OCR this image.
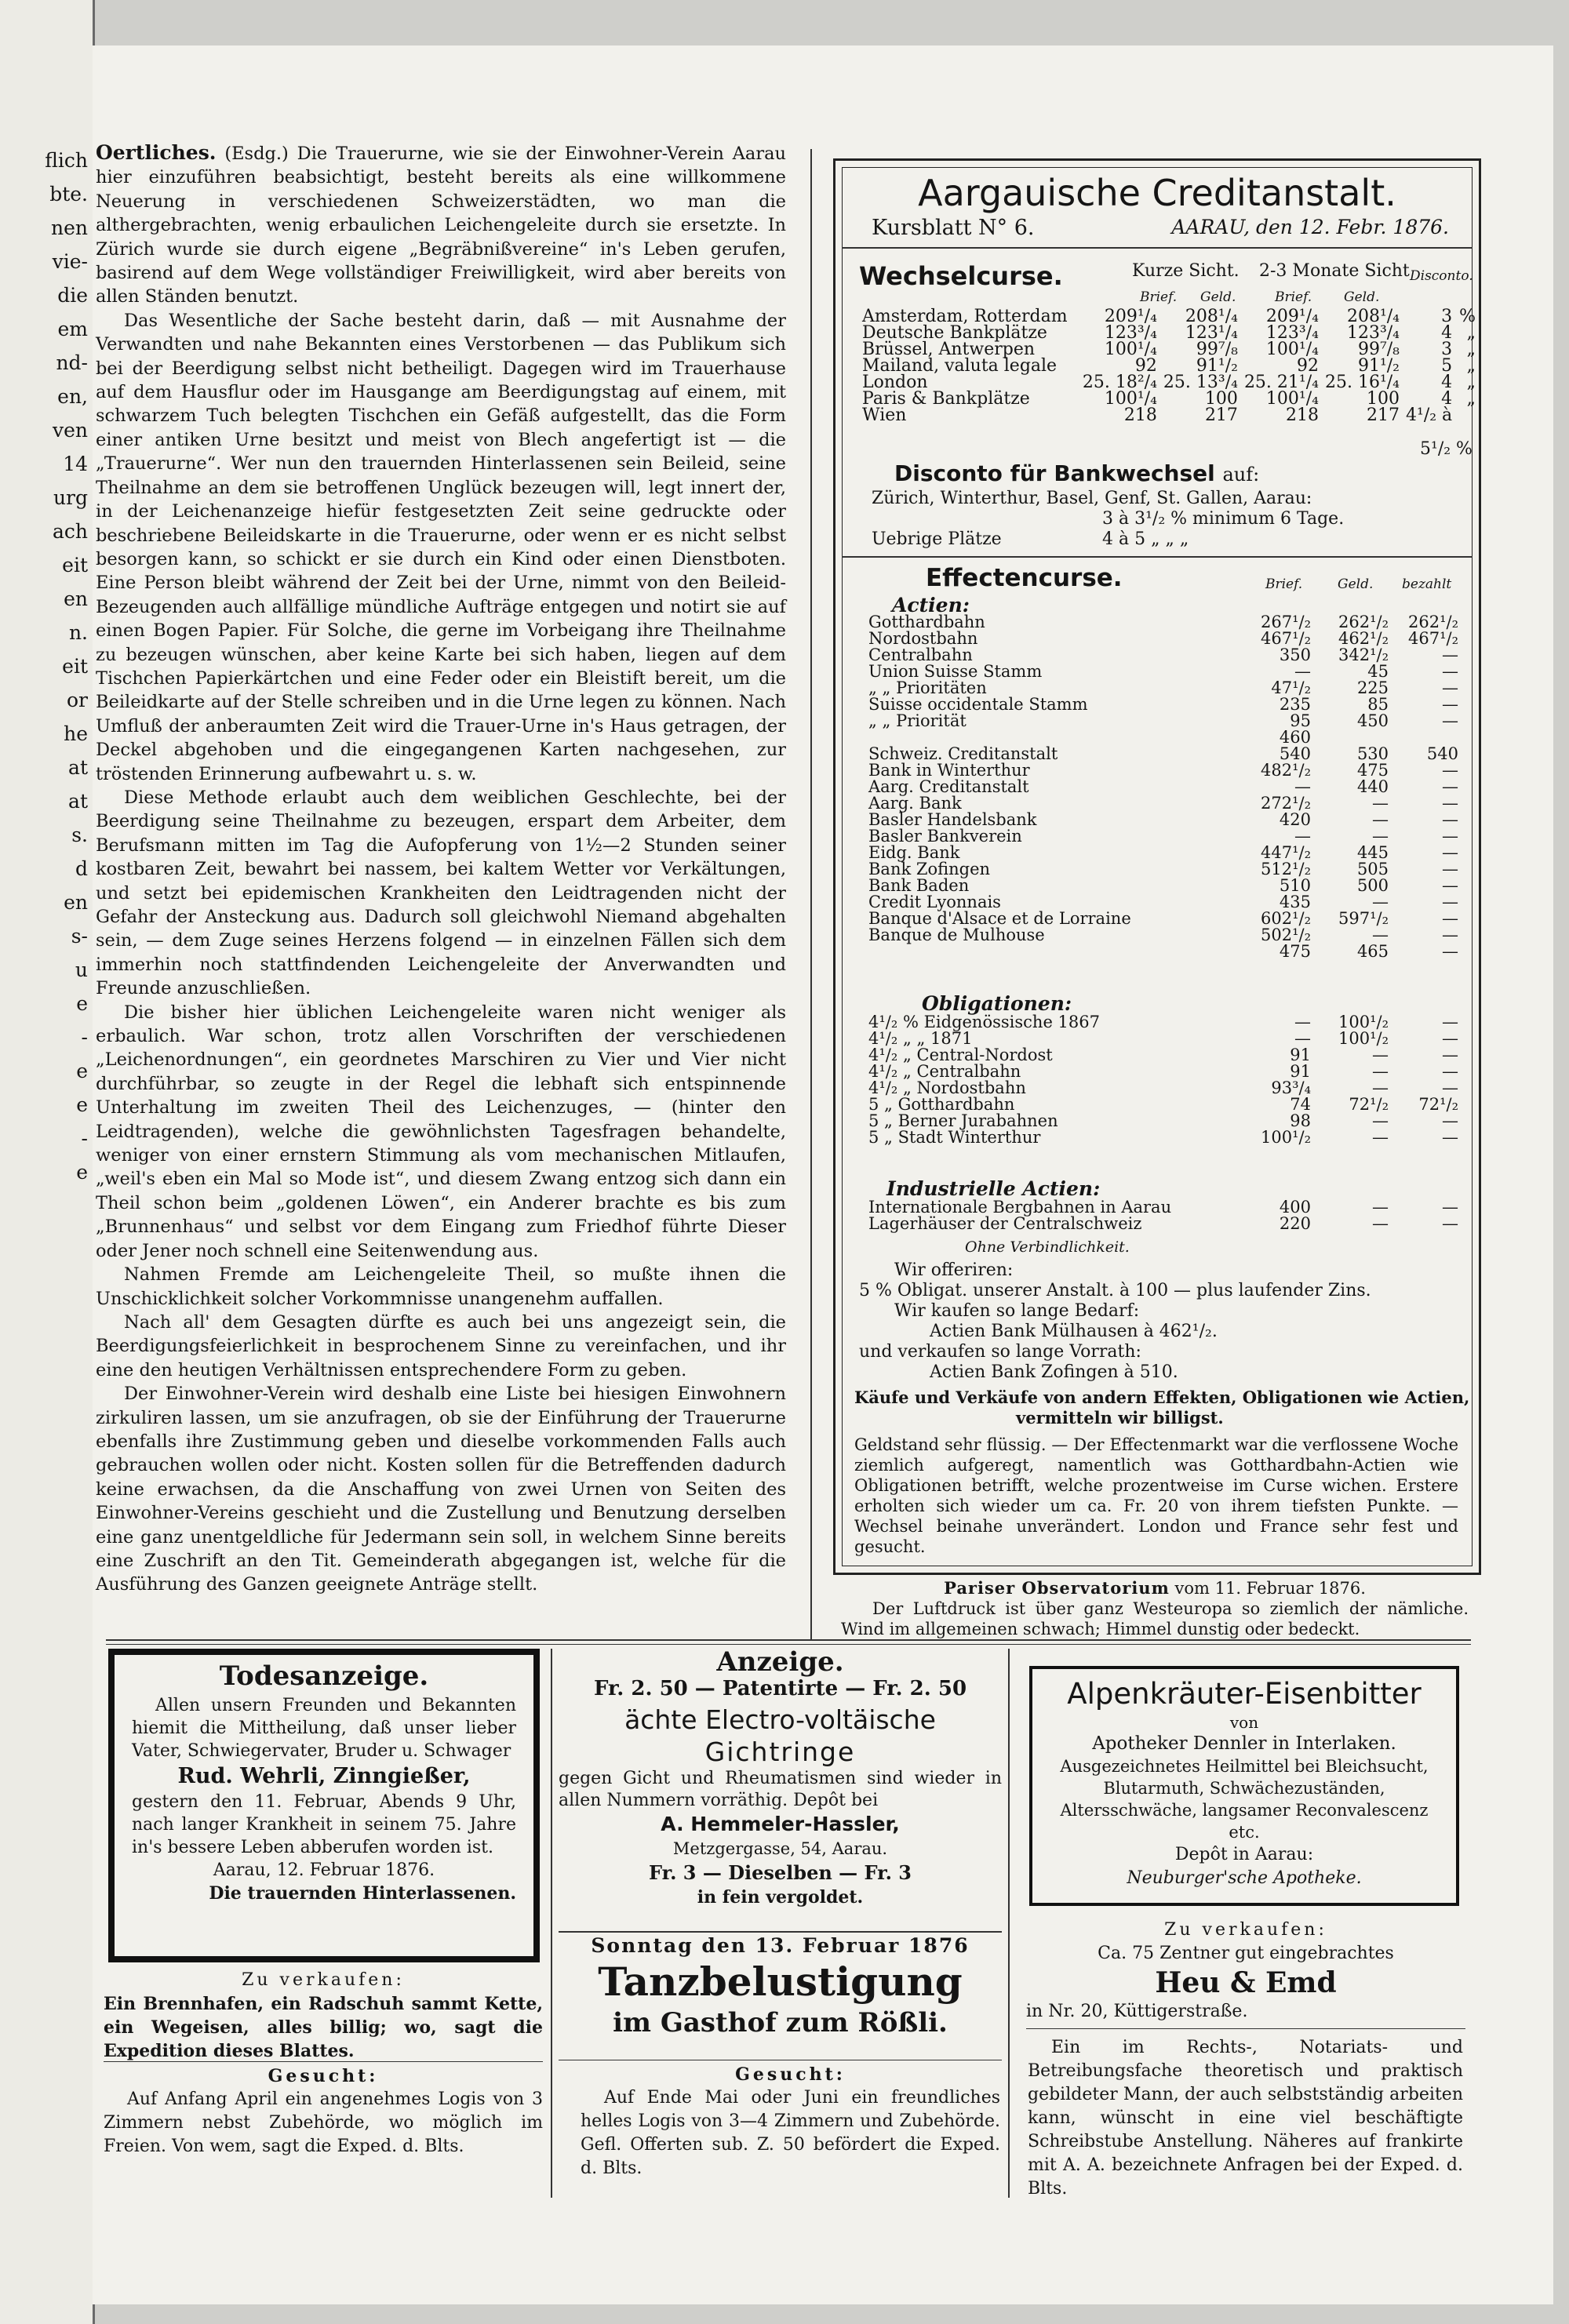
flich
bte.
nen
vie-
die
em
nd-
en,
ven
14
urg
ach
eit
en
n.
eit
or
he
at
at
s.
d
en
s-
u
e
-
e
e
-
e

Oertliches. (Esdg.) Die Trauerurne, wie sie der Einwohner-Verein Aarau hier einzuführen beabsichtigt, besteht bereits als eine willkommene Neuerung in verschiedenen Schweizerstädten, wo man die althergebrachten, wenig erbaulichen Leichengeleite durch sie ersetzte. In Zürich wurde sie durch eigene „Begräbnißvereine“ in's Leben gerufen, basirend auf dem Wege vollständiger Freiwilligkeit, wird aber bereits von allen Ständen benutzt.

Das Wesentliche der Sache besteht darin, daß — mit Ausnahme der Verwandten und nahe Bekannten eines Verstorbenen — das Publikum sich bei der Beerdigung selbst nicht betheiligt. Dagegen wird im Trauerhause auf dem Hausflur oder im Hausgange am Beerdigungstag auf einem, mit schwarzem Tuch belegten Tischchen ein Gefäß aufgestellt, das die Form einer antiken Urne besitzt und meist von Blech angefertigt ist — die „Trauerurne“. Wer nun den trauernden Hinterlassenen sein Beileid, seine Theilnahme an dem sie betroffenen Unglück bezeugen will, legt innert der, in der Leichenanzeige hiefür festgesetzten Zeit seine gedruckte oder beschriebene Beileidskarte in die Trauerurne, oder wenn er es nicht selbst besorgen kann, so schickt er sie durch ein Kind oder einen Dienstboten. Eine Person bleibt während der Zeit bei der Urne, nimmt von den Beileid-Bezeugenden auch allfällige mündliche Aufträge entgegen und notirt sie auf einen Bogen Papier. Für Solche, die gerne im Vorbeigang ihre Theilnahme zu bezeugen wünschen, aber keine Karte bei sich haben, liegen auf dem Tischchen Papierkärtchen und eine Feder oder ein Bleistift bereit, um die Beileidkarte auf der Stelle schreiben und in die Urne legen zu können. Nach Umfluß der anberaumten Zeit wird die Trauer-Urne in's Haus getragen, der Deckel abgehoben und die eingegangenen Karten nachgesehen, zur tröstenden Erinnerung aufbewahrt u. s. w.

Diese Methode erlaubt auch dem weiblichen Geschlechte, bei der Beerdigung seine Theilnahme zu bezeugen, erspart dem Arbeiter, dem Berufsmann mitten im Tag die Aufopferung von 1½—2 Stunden seiner kostbaren Zeit, bewahrt bei nassem, bei kaltem Wetter vor Verkältungen, und setzt bei epidemischen Krankheiten den Leidtragenden nicht der Gefahr der Ansteckung aus. Dadurch soll gleichwohl Niemand abgehalten sein, — dem Zuge seines Herzens folgend — in einzelnen Fällen sich dem immerhin noch stattfindenden Leichengeleite der Anverwandten und Freunde anzuschließen.

Die bisher hier üblichen Leichengeleite waren nicht weniger als erbaulich. War schon, trotz allen Vorschriften der verschiedenen „Leichenordnungen“, ein geordnetes Marschiren zu Vier und Vier nicht durchführbar, so zeugte in der Regel die lebhaft sich entspinnende Unterhaltung im zweiten Theil des Leichenzuges, — (hinter den Leidtragenden), welche die gewöhnlichsten Tagesfragen behandelte, weniger von einer ernstern Stimmung als vom mechanischen Mitlaufen, „weil's eben ein Mal so Mode ist“, und diesem Zwang entzog sich dann ein Theil schon beim „goldenen Löwen“, ein Anderer brachte es bis zum „Brunnenhaus“ und selbst vor dem Eingang zum Friedhof führte Dieser oder Jener noch schnell eine Seitenwendung aus.

Nahmen Fremde am Leichengeleite Theil, so mußte ihnen die Unschicklichkeit solcher Vorkommnisse unangenehm auffallen.

Nach all' dem Gesagten dürfte es auch bei uns angezeigt sein, die Beerdigungsfeierlichkeit in besprochenem Sinne zu vereinfachen, und ihr eine den heutigen Verhältnissen entsprechendere Form zu geben.

Der Einwohner-Verein wird deshalb eine Liste bei hiesigen Einwohnern zirkuliren lassen, um sie anzufragen, ob sie der Einführung der Trauerurne ebenfalls ihre Zustimmung geben und dieselbe vorkommenden Falls auch gebrauchen wollen oder nicht. Kosten sollen für die Betreffenden dadurch keine erwachsen, da die Anschaffung von zwei Urnen von Seiten des Einwohner-Vereins geschieht und die Zustellung und Benutzung derselben eine ganz unentgeldliche für Jedermann sein soll, in welchem Sinne bereits eine Zuschrift an den Tit. Gemeinderath abgegangen ist, welche für die Ausführung des Ganzen geeignete Anträge stellt.

Aargauische Creditanstalt.
Kursblatt N° 6.	AARAU, den 12. Febr. 1876.
Wechselcurse.	Kurze Sicht. 2-3 Monate Sicht Disconto.
Brief. Geld.	Brief. Geld.
Amsterdam, Rotterdam	209¹/₄	208¹/₄	209¹/₄	208¹/₄	3	%
Deutsche Bankplätze	123³/₄	123¹/₄	123³/₄	123³/₄	4	„
Brüssel, Antwerpen	100¹/₄	99⁷/₈	100¹/₄	99⁷/₈	3	„
Mailand, valuta legale	92	91¹/₂	92	91¹/₂	5	„
London	25. 18²/₄	25. 13³/₄	25. 21¹/₄	25. 16¹/₄	4	„
Paris & Bankplätze	100¹/₄	100	100¹/₄	100	4	„
Wien	218	217	218	217	4¹/₂ à	
5¹/₂ %
Disconto für Bankwechsel auf:
Zürich, Winterthur, Basel, Genf, St. Gallen, Aarau:
3 à 3¹/₂ % minimum 6 Tage.
Uebrige Plätze	4 à 5 „ „ „
Effectencurse.	Brief.	Geld. bezahlt
Actien:
Gotthardbahn	267¹/₂	262¹/₂	262¹/₂
Nordostbahn	467¹/₂	462¹/₂	467¹/₂
Centralbahn	350	342¹/₂	—
Union Suisse Stamm	—	45	—
„ „ Prioritäten	47¹/₂	225	—
Suisse occidentale Stamm	235	85	—
„ „ Priorität	95	450	—
	460		
Schweiz. Creditanstalt	540	530	540
Bank in Winterthur	482¹/₂	475	—
Aarg. Creditanstalt	—	440	—
Aarg. Bank	272¹/₂	—	—
Basler Handelsbank	420	—	—
Basler Bankverein	—	—	—
Eidg. Bank	447¹/₂	445	—
Bank Zofingen	512¹/₂	505	—
Bank Baden	510	500	—
Credit Lyonnais	435	—	—
Banque d'Alsace et de Lorraine	602¹/₂	597¹/₂	—
Banque de Mulhouse	502¹/₂	—	—
	475	465	—
Obligationen:
4¹/₂ % Eidgenössische 1867	—	100¹/₂	—
4¹/₂ „ „ 1871	—	100¹/₂	—
4¹/₂ „ Central-Nordost	91	—	—
4¹/₂ „ Centralbahn	91	—	—
4¹/₂ „ Nordostbahn	93³/₄	—	—
5 „ Gotthardbahn	74	72¹/₂	72¹/₂
5 „ Berner Jurabahnen	98	—	—
5 „ Stadt Winterthur	100¹/₂	—	—
Industrielle Actien:
Internationale Bergbahnen in Aarau	400	—	—
Lagerhäuser der Centralschweiz	220	—	—
Ohne Verbindlichkeit.
Wir offeriren:
5 % Obligat. unserer Anstalt. à 100 — plus laufender Zins.
Wir kaufen so lange Bedarf:
Actien Bank Mülhausen à 462¹/₂.
und verkaufen so lange Vorrath:
Actien Bank Zofingen à 510.
Käufe und Verkäufe von andern Effekten, Obligationen wie Actien,
vermitteln wir billigst.
Geldstand sehr flüssig. — Der Effectenmarkt war die verflossene Woche ziemlich aufgeregt, namentlich was Gotthardbahn-Actien wie Obligationen betrifft, welche prozentweise im Curse wichen. Erstere erholten sich wieder um ca. Fr. 20 von ihrem tiefsten Punkte. — Wechsel beinahe unverändert. London und France sehr fest und gesucht.
Pariser Observatorium vom 11. Februar 1876.
Der Luftdruck ist über ganz Westeuropa so ziemlich der nämliche. Wind im allgemeinen schwach; Himmel dunstig oder bedeckt.
Todesanzeige.
Allen unsern Freunden und Bekannten hiemit die Mittheilung, daß unser lieber Vater, Schwiegervater, Bruder u. Schwager
Rud. Wehrli, Zinngießer,
gestern den 11. Februar, Abends 9 Uhr, nach langer Krankheit in seinem 75. Jahre in's bessere Leben abberufen worden ist.
Aarau, 12. Februar 1876.
Die trauernden Hinterlassenen.
Zu verkaufen:
Ein Brennhafen, ein Radschuh sammt Kette, ein Wegeisen, alles billig; wo, sagt die Expedition dieses Blattes.
Gesucht:
Auf Anfang April ein angenehmes Logis von 3 Zimmern nebst Zubehörde, wo möglich im Freien. Von wem, sagt die Exped. d. Blts.
Anzeige.
Fr. 2. 50 — Patentirte — Fr. 2. 50
ächte Electro-voltäische
Gichtringe
gegen Gicht und Rheumatismen sind wieder in allen Nummern vorräthig. Depôt bei
A. Hemmeler-Hassler,
Metzgergasse, 54, Aarau.
Fr. 3 — Dieselben — Fr. 3
in fein vergoldet.
Sonntag den 13. Februar 1876
Tanzbelustigung
im Gasthof zum Rößli.
Gesucht:
Auf Ende Mai oder Juni ein freundliches helles Logis von 3—4 Zimmern und Zubehörde. Gefl. Offerten sub. Z. 50 befördert die Exped. d. Blts.
Alpenkräuter-Eisenbitter
von
Apotheker Dennler in Interlaken.
Ausgezeichnetes Heilmittel bei Bleichsucht, Blutarmuth, Schwächezuständen, Altersschwäche, langsamer Reconvalescenz etc.
Depôt in Aarau:
Neuburger'sche Apotheke.
Zu verkaufen:
Ca. 75 Zentner gut eingebrachtes
Heu & Emd
in Nr. 20, Küttigerstraße.
Ein im Rechts-, Notariats- und Betreibungsfache theoretisch und praktisch gebildeter Mann, der auch selbstständig arbeiten kann, wünscht in eine viel beschäftigte Schreibstube Anstellung. Näheres auf frankirte mit A. A. bezeichnete Anfragen bei der Exped. d. Blts.
